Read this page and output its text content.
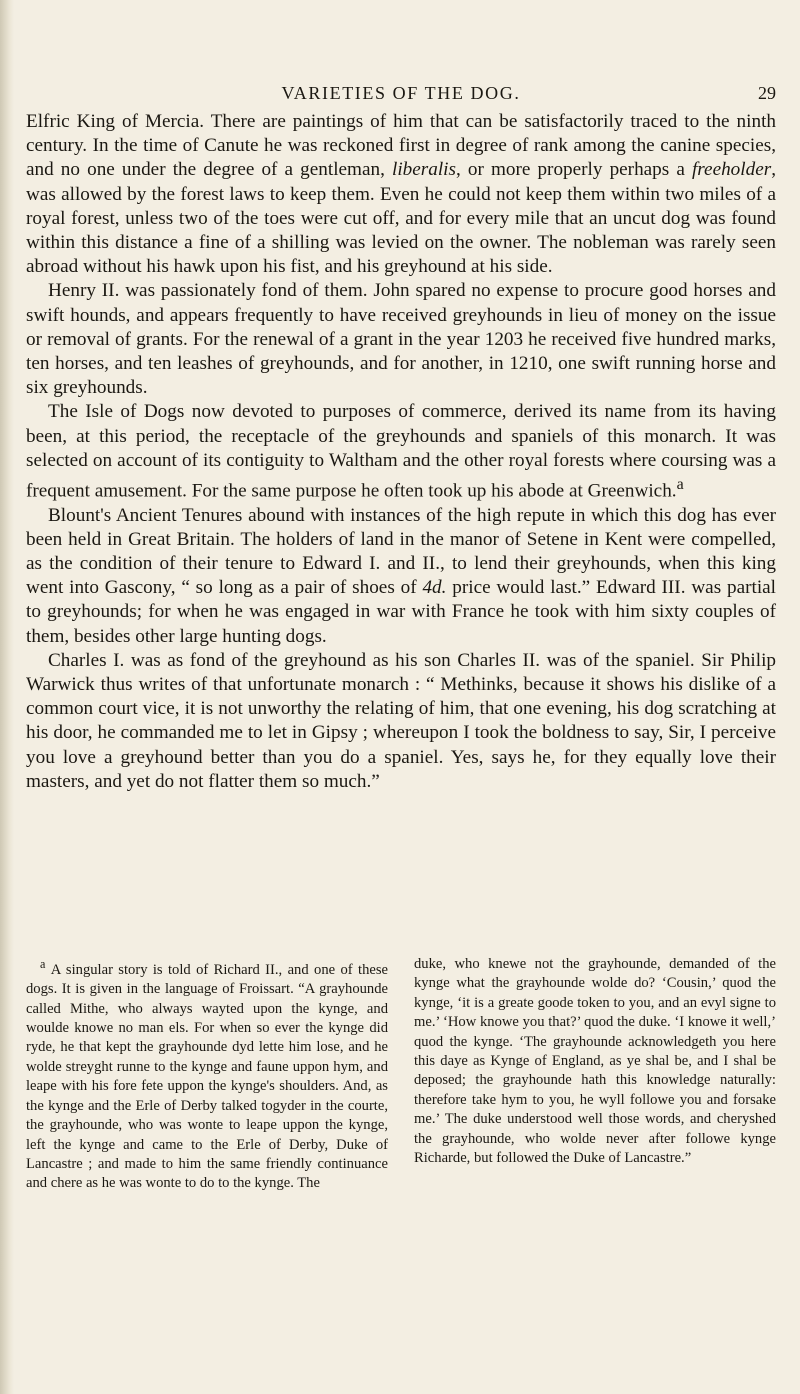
VARIETIES OF THE DOG.	29

Elfric King of Mercia. There are paintings of him that can be satisfactorily traced to the ninth century. In the time of Canute he was reckoned first in degree of rank among the canine species, and no one under the degree of a gentleman, liberalis, or more properly perhaps a freeholder, was allowed by the forest laws to keep them. Even he could not keep them within two miles of a royal forest, unless two of the toes were cut off, and for every mile that an uncut dog was found within this distance a fine of a shilling was levied on the owner. The nobleman was rarely seen abroad without his hawk upon his fist, and his greyhound at his side.

Henry II. was passionately fond of them. John spared no expense to procure good horses and swift hounds, and appears frequently to have received greyhounds in lieu of money on the issue or removal of grants. For the renewal of a grant in the year 1203 he received five hundred marks, ten horses, and ten leashes of greyhounds, and for another, in 1210, one swift running horse and six greyhounds.

The Isle of Dogs now devoted to purposes of commerce, derived its name from its having been, at this period, the receptacle of the greyhounds and spaniels of this monarch. It was selected on account of its contiguity to Waltham and the other royal forests where coursing was a frequent amusement. For the same purpose he often took up his abode at Greenwich.$^a$

Blount's Ancient Tenures abound with instances of the high repute in which this dog has ever been held in Great Britain. The holders of land in the manor of Setene in Kent were compelled, as the condition of their tenure to Edward I. and II., to lend their greyhounds, when this king went into Gascony, “ so long as a pair of shoes of 4d. price would last.” Edward III. was partial to greyhounds; for when he was engaged in war with France he took with him sixty couples of them, besides other large hunting dogs.

Charles I. was as fond of the greyhound as his son Charles II. was of the spaniel. Sir Philip Warwick thus writes of that unfortunate monarch : “ Methinks, because it shows his dislike of a common court vice, it is not unworthy the relating of him, that one evening, his dog scratching at his door, he commanded me to let in Gipsy ; whereupon I took the boldness to say, Sir, I perceive you love a greyhound better than you do a spaniel. Yes, says he, for they equally love their masters, and yet do not flatter them so much.”

$^a$ A singular story is told of Richard II., and one of these dogs. It is given in the language of Froissart. “A grayhounde called Mithe, who always wayted upon the kynge, and woulde knowe no man els. For when so ever the kynge did ryde, he that kept the grayhounde dyd lette him lose, and he wolde streyght runne to the kynge and faune uppon hym, and leape with his fore fete uppon the kynge's shoulders. And, as the kynge and the Erle of Derby talked togyder in the courte, the grayhounde, who was wonte to leape uppon the kynge, left the kynge and came to the Erle of Derby, Duke of Lancastre ; and made to him the same friendly continuance and chere as he was wonte to do to the kynge. The

duke, who knewe not the grayhounde, demanded of the kynge what the grayhounde wolde do? ‘Cousin,’ quod the kynge, ‘it is a greate goode token to you, and an evyl signe to me.’ ‘How knowe you that?’ quod the duke. ‘I knowe it well,’ quod the kynge. ‘The grayhounde acknowledgeth you here this daye as Kynge of England, as ye shal be, and I shal be deposed; the grayhounde hath this knowledge naturally: therefore take hym to you, he wyll followe you and forsake me.’ The duke understood well those words, and cheryshed the grayhounde, who wolde never after followe kynge Richarde, but followed the Duke of Lancastre.”
